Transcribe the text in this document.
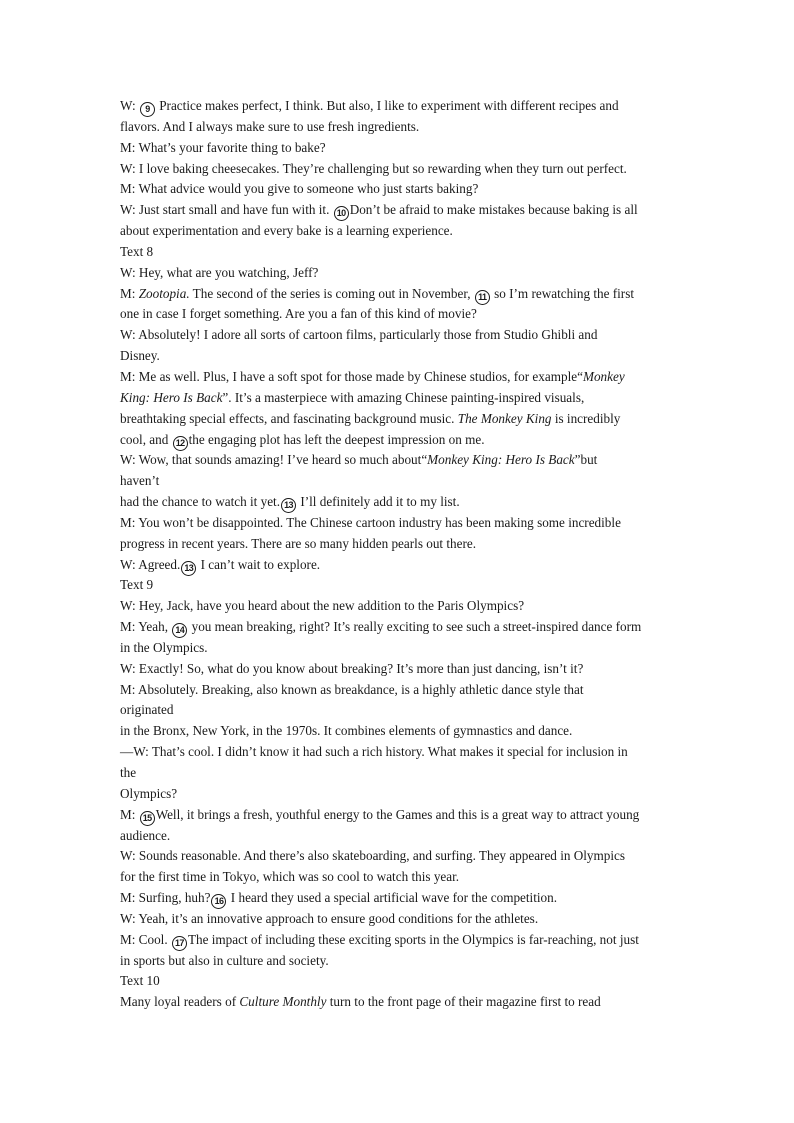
W: 9 Practice makes perfect, I think. But also, I like to experiment with different recipes and
flavors. And I always make sure to use fresh ingredients.
M: What’s your favorite thing to bake?
W: I love baking cheesecakes. They’re challenging but so rewarding when they turn out perfect.
M: What advice would you give to someone who just starts baking?
W: Just start small and have fun with it. 10 Don’t be afraid to make mistakes because baking is all
about experimentation and every bake is a learning experience.
Text 8
W: Hey, what are you watching, Jeff?
M: Zootopia. The second of the series is coming out in November, 11 so I’m rewatching the first
one in case I forget something. Are you a fan of this kind of movie?
W: Absolutely! I adore all sorts of cartoon films, particularly those from Studio Ghibli and
Disney.
M: Me as well. Plus, I have a soft spot for those made by Chinese studios, for example“Monkey
King: Hero Is Back”. It’s a masterpiece with amazing Chinese painting-inspired visuals,
breathtaking special effects, and fascinating background music. The Monkey King is incredibly
cool, and 12 the engaging plot has left the deepest impression on me.
W: Wow, that sounds amazing! I’ve heard so much about“Monkey King: Hero Is Back”but
haven’t
had the chance to watch it yet. 13 I’ll definitely add it to my list.
M: You won’t be disappointed. The Chinese cartoon industry has been making some incredible
progress in recent years. There are so many hidden pearls out there.
W: Agreed. 13 I can’t wait to explore.
Text 9
W: Hey, Jack, have you heard about the new addition to the Paris Olympics?
M: Yeah, 14 you mean breaking, right? It’s really exciting to see such a street-inspired dance form
in the Olympics.
W: Exactly! So, what do you know about breaking? It’s more than just dancing, isn’t it?
M: Absolutely. Breaking, also known as breakdance, is a highly athletic dance style that
originated
in the Bronx, New York, in the 1970s. It combines elements of gymnastics and dance.
—W: That’s cool. I didn’t know it had such a rich history. What makes it special for inclusion in
the
Olympics?
M: 15 Well, it brings a fresh, youthful energy to the Games and this is a great way to attract young
audience.
W: Sounds reasonable. And there’s also skateboarding, and surfing. They appeared in Olympics
for the first time in Tokyo, which was so cool to watch this year.
M: Surfing, huh? 16 I heard they used a special artificial wave for the competition.
W: Yeah, it’s an innovative approach to ensure good conditions for the athletes.
M: Cool. 17 The impact of including these exciting sports in the Olympics is far-reaching, not just
in sports but also in culture and society.
Text 10
Many loyal readers of Culture Monthly turn to the front page of their magazine first to read
